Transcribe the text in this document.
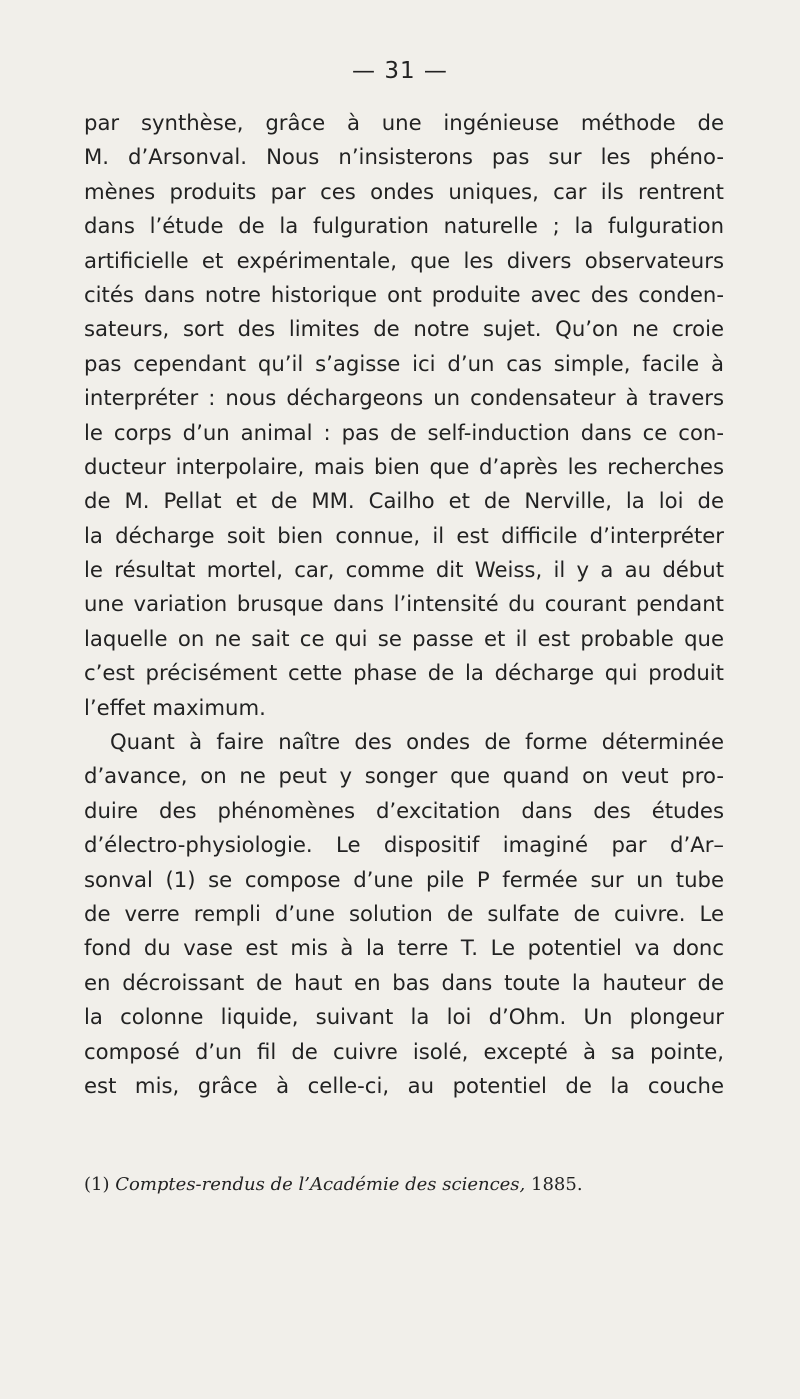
— 31 —
par synthèse, grâce à une ingénieuse méthode de
M. d’Arsonval. Nous n’insisterons pas sur les phéno-
mènes produits par ces ondes uniques, car ils rentrent
dans l’étude de la fulguration naturelle ; la fulguration
artificielle et expérimentale, que les divers observateurs
cités dans notre historique ont produite avec des conden-
sateurs, sort des limites de notre sujet. Qu’on ne croie
pas cependant qu’il s’agisse ici d’un cas simple, facile à
interpréter : nous déchargeons un condensateur à travers
le corps d’un animal : pas de self-induction dans ce con-
ducteur interpolaire, mais bien que d’après les recherches
de M. Pellat et de MM. Cailho et de Nerville, la loi de
la décharge soit bien connue, il est difficile d’interpréter
le résultat mortel, car, comme dit Weiss, il y a au début
une variation brusque dans l’intensité du courant pendant
laquelle on ne sait ce qui se passe et il est probable que
c’est précisément cette phase de la décharge qui produit
l’effet maximum.
Quant à faire naître des ondes de forme déterminée
d’avance, on ne peut y songer que quand on veut pro-
duire des phénomènes d’excitation dans des études
d’électro-physiologie. Le dispositif imaginé par d’Ar–
sonval (1) se compose d’une pile P fermée sur un tube
de verre rempli d’une solution de sulfate de cuivre. Le
fond du vase est mis à la terre T. Le potentiel va donc
en décroissant de haut en bas dans toute la hauteur de
la colonne liquide, suivant la loi d’Ohm. Un plongeur
composé d’un fil de cuivre isolé, excepté à sa pointe,
est mis, grâce à celle-ci, au potentiel de la couche
(1) Comptes-rendus de l’Académie des sciences, 1885.
